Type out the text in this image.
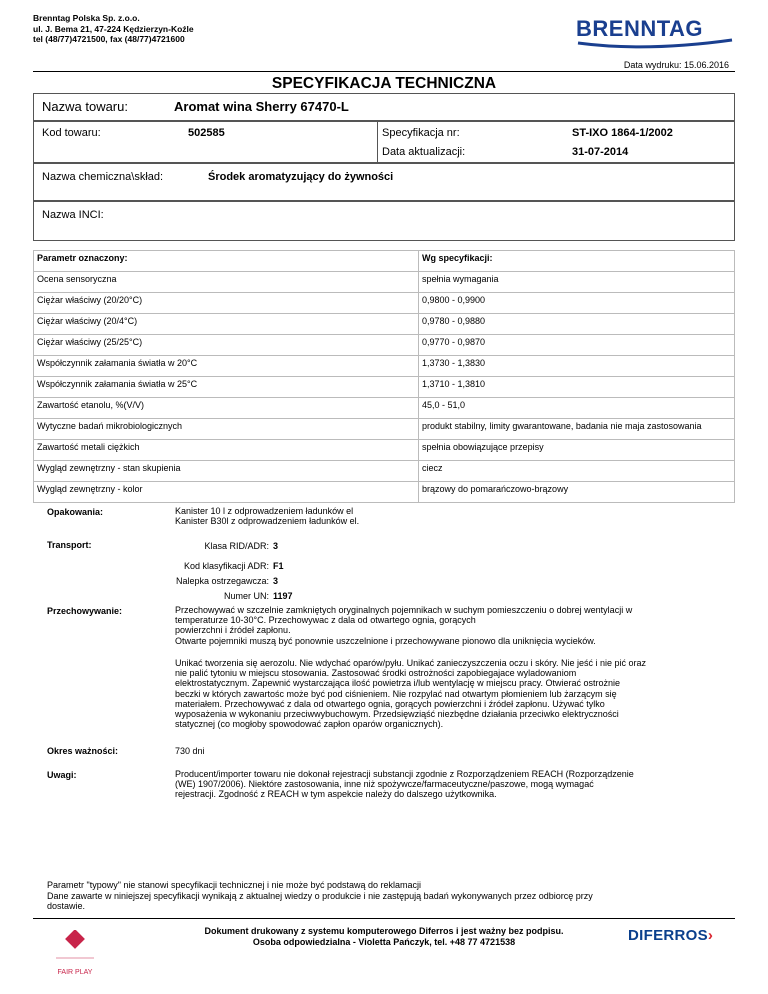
Brenntag Polska Sp. z.o.o.
ul. J. Bema 21, 47-224 Kędzierzyn-Koźle
tel (48/77)4721500, fax (48/77)4721600	BRENNTAG
Data wydruku: 15.06.2016
SPECYFIKACJA TECHNICZNA
Nazwa towaru:	Aromat wina Sherry 67470-L
Kod towaru:	502585	Specyfikacja nr:	ST-IXO 1864-1/2002
Data aktualizacji:	31-07-2014
Nazwa chemiczna\skład:	Środek aromatyzujący do żywności
Nazwa INCI:
Parametr oznaczony:	Wg specyfikacji:
Ocena sensoryczna	spełnia wymagania
Ciężar właściwy (20/20°C)	0,9800 - 0,9900
Ciężar właściwy (20/4°C)	0,9780 - 0,9880
Ciężar właściwy (25/25°C)	0,9770 - 0,9870
Współczynnik załamania światła w 20°C	1,3730 - 1,3830
Współczynnik załamania światła w 25°C	1,3710 - 1,3810
Zawartość etanolu, %(V/V)	45,0 - 51,0
Wytyczne badań mikrobiologicznych	produkt stabilny, limity gwarantowane, badania nie maja zastosowania
Zawartość metali ciężkich	spełnia obowiązujące przepisy
Wygląd zewnętrzny - stan skupienia	ciecz
Wygląd zewnętrzny - kolor	brązowy do pomarańczowo-brązowy
Opakowania:	Kanister 10 l z odprowadzeniem ładunków el
Kanister B30l z odprowadzeniem ładunków el.
Transport:	Klasa RID/ADR: 3
Kod klasyfikacji ADR: F1
Nalepka ostrzegawcza: 3
Numer UN: 1197
Przechowywanie:	Przechowywać w szczelnie zamkniętych oryginalnych pojemnikach w suchym pomieszczeniu o dobrej wentylacji w
temperaturze 10-30°C. Przechowywac z dala od otwartego ognia, gorących
powierzchni i źródeł zapłonu.
Otwarte pojemniki muszą być ponownie uszczelnione i przechowywane pionowo dla uniknięcia wycieków.
Unikać tworzenia się aerozolu. Nie wdychać oparów/pyłu. Unikać zanieczyszczenia oczu i skóry. Nie jeść i nie pić oraz
nie palić tytoniu w miejscu stosowania. Zastosować środki ostrożności zapobiegajace wyladowaniom
elektrostatycznym. Zapewnić wystarczająca ilość powietrza i/lub wentylację w miejscu pracy. Otwierać ostrożnie
beczki w których zawartośc może być pod ciśnieniem. Nie rozpylać nad otwartym płomieniem lub żarzącym się
materiałem. Przechowywać z dala od otwartego ognia, gorących powierzchni i źródeł zapłonu. Używać tylko
wyposażenia w wykonaniu przeciwwybuchowym. Przedsięwziąść niezbędne działania przeciwko elektryczności
statycznej (co mogłoby spowodować zapłon oparów organicznych).
Okres ważności:	730 dni
Uwagi:	Producent/importer towaru nie dokonał rejestracji substancji zgodnie z Rozporządzeniem REACH (Rozporządzenie
(WE) 1907/2006). Niektóre zastosowania, inne niż spożywcze/farmaceutyczne/paszowe, mogą wymagać
rejestracji. Zgodność z REACH w tym aspekcie należy do dalszego użytkownika.
Parametr "typowy" nie stanowi specyfikacji technicznej i nie może być podstawą do reklamacji
Dane zawarte w niniejszej specyfikacji wynikają z aktualnej wiedzy o produkcie i nie zastępują badań wykonywanych przez odbiorcę przy
dostawie.
FAIR PLAY
Dokument drukowany z systemu komputerowego Diferros i jest ważny bez podpisu.
Osoba odpowiedzialna - Violetta Pańczyk, tel. +48 77 4721538	DIFERROS›
